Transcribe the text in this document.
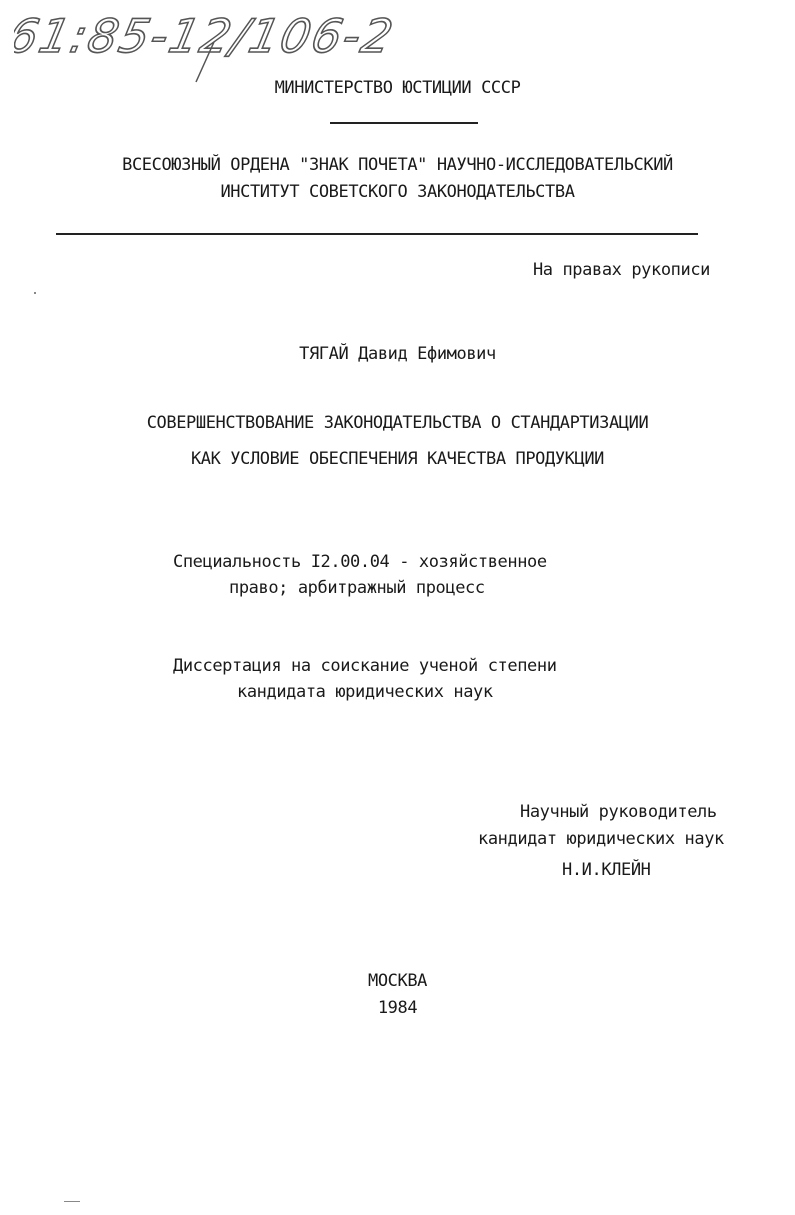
61:85-12/106-2
МИНИСТЕРСТВО ЮСТИЦИИ СССР
ВСЕСОЮЗНЫЙ ОРДЕНА "ЗНАК ПОЧЕТА" НАУЧНО-ИССЛЕДОВАТЕЛЬСКИЙ
ИНСТИТУТ СОВЕТСКОГО ЗАКОНОДАТЕЛЬСТВА
На правах рукописи
ТЯГАЙ Давид Ефимович
СОВЕРШЕНСТВОВАНИЕ ЗАКОНОДАТЕЛЬСТВА О СТАНДАРТИЗАЦИИ
КАК УСЛОВИЕ ОБЕСПЕЧЕНИЯ КАЧЕСТВА ПРОДУКЦИИ
Специальность I2.00.04 - хозяйственное
право; арбитражный процесс
Диссертация на соискание ученой степени
кандидата юридических наук
Научный руководитель
кандидат юридических наук
Н.И.КЛЕЙН
МОСКВА
1984
